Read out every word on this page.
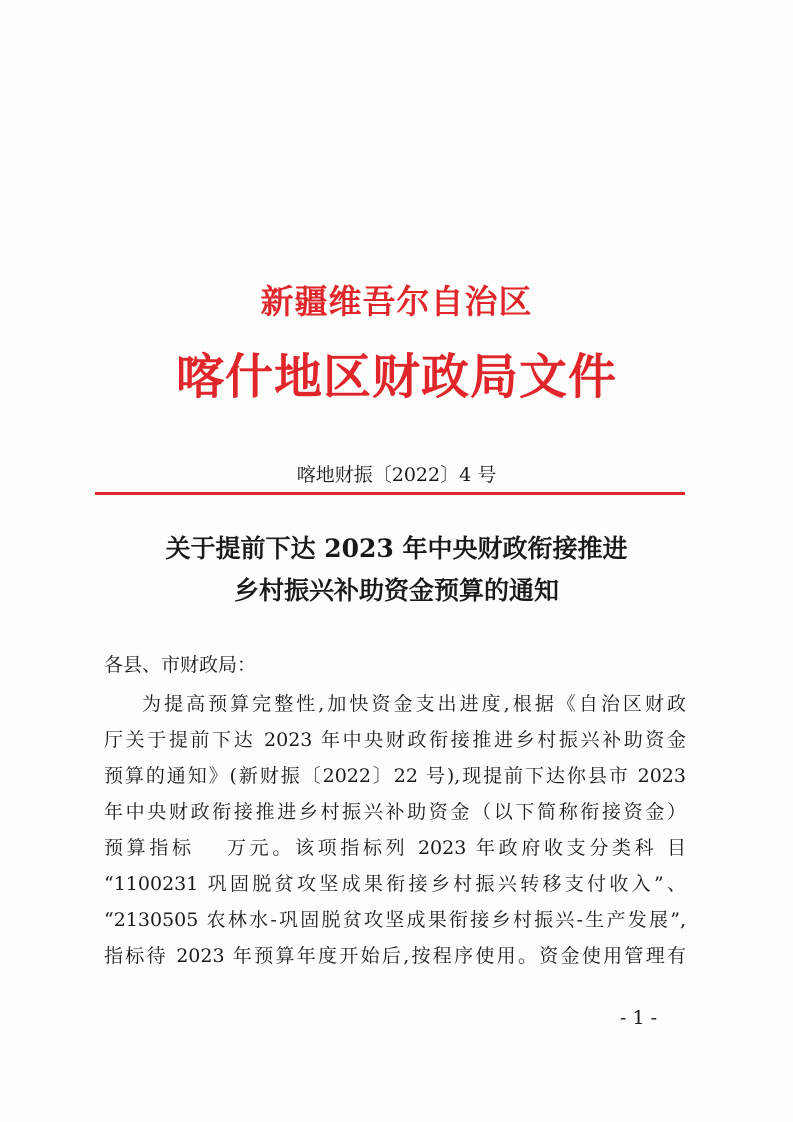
新疆维吾尔自治区
喀什地区财政局文件
喀地财振〔2022〕4 号
关于提前下达 2023 年中央财政衔接推进
乡村振兴补助资金预算的通知
各县、市财政局：
为提高预算完整性,加快资金支出进度,根据《自治区财政
厅关于提前下达 2023 年中央财政衔接推进乡村振兴补助资金
预算的通知》(新财振〔2022〕22 号),现提前下达你县市 2023
年中央财政衔接推进乡村振兴补助资金（以下简称衔接资金）
预算指标　 万元。该项指标列 2023 年政府收支分类科 目
“1100231 巩固脱贫攻坚成果衔接乡村振兴转移支付收入”、
“2130505 农林水-巩固脱贫攻坚成果衔接乡村振兴-生产发展”,
指标待 2023 年预算年度开始后,按程序使用。资金使用管理有
- 1 -
